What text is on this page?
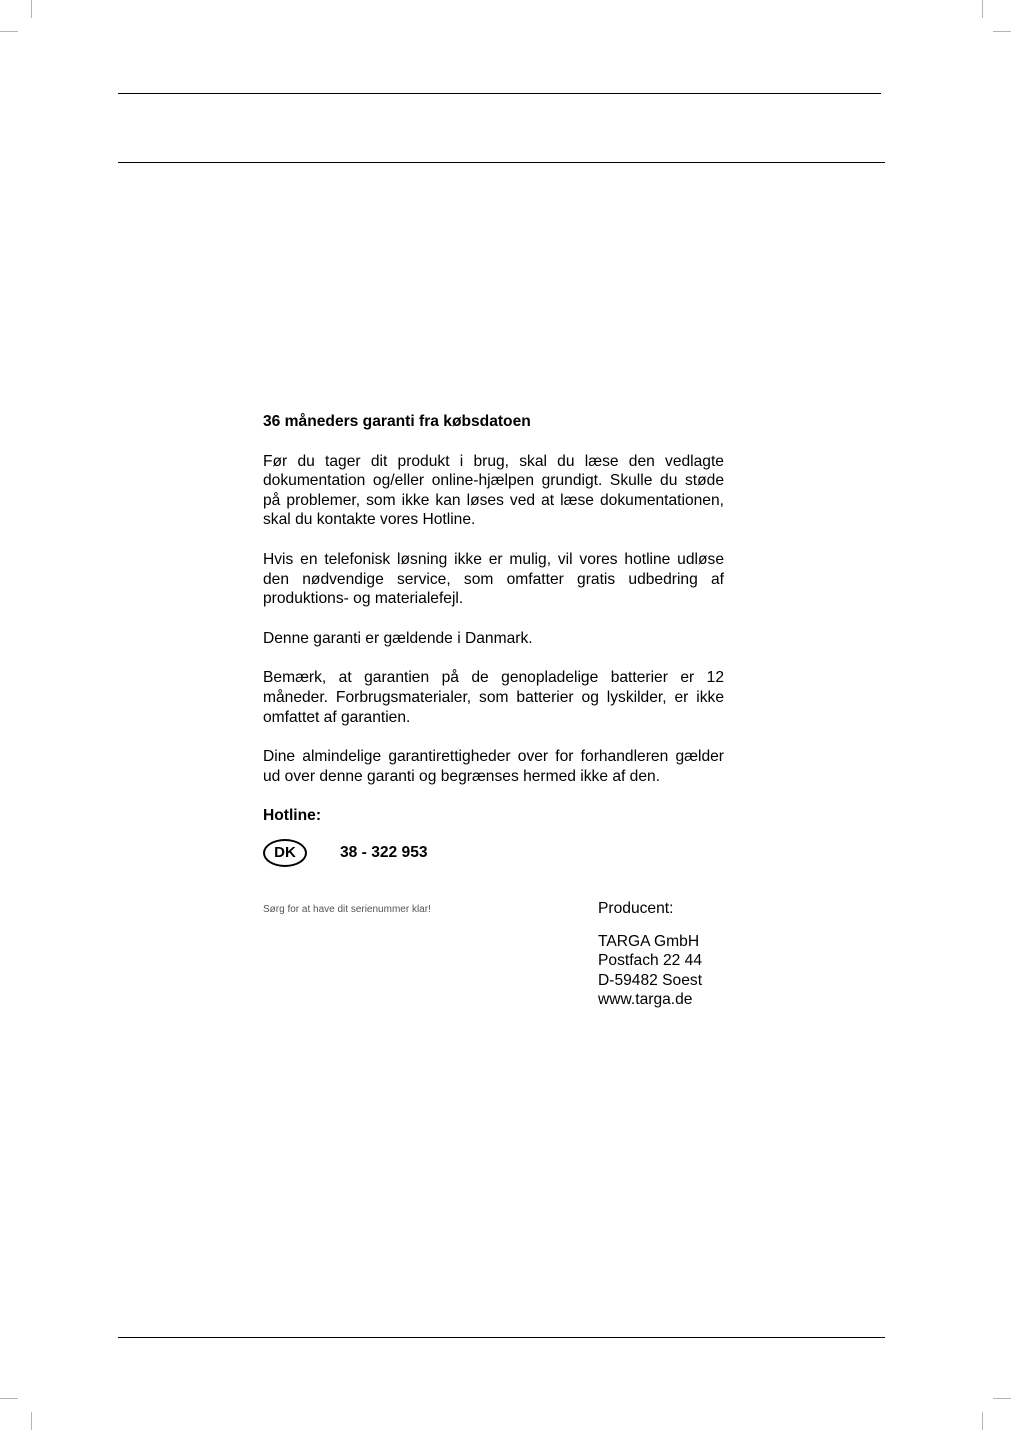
36 måneders garanti fra købsdatoen
Før du tager dit produkt i brug, skal du læse den vedlagte dokumentation og/eller online-hjælpen grundigt. Skulle du støde på problemer, som ikke kan løses ved at læse dokumentationen, skal du kontakte vores Hotline.
Hvis en telefonisk løsning ikke er mulig, vil vores hotline udløse den nødvendige service, som omfatter gratis udbedring af produktions- og materialefejl.
Denne garanti er gældende i Danmark.
Bemærk, at garantien på de genopladelige batterier er 12 måneder. Forbrugsmaterialer, som batterier og lyskilder, er ikke omfattet af garantien.
Dine almindelige garantirettigheder over for forhandleren gælder ud over denne garanti og begrænses hermed ikke af den.
Hotline:
DK	38 - 322 953
Sørg for at have dit serienummer klar!	Producent:
TARGA GmbH
Postfach 22 44
D-59482 Soest
www.targa.de
